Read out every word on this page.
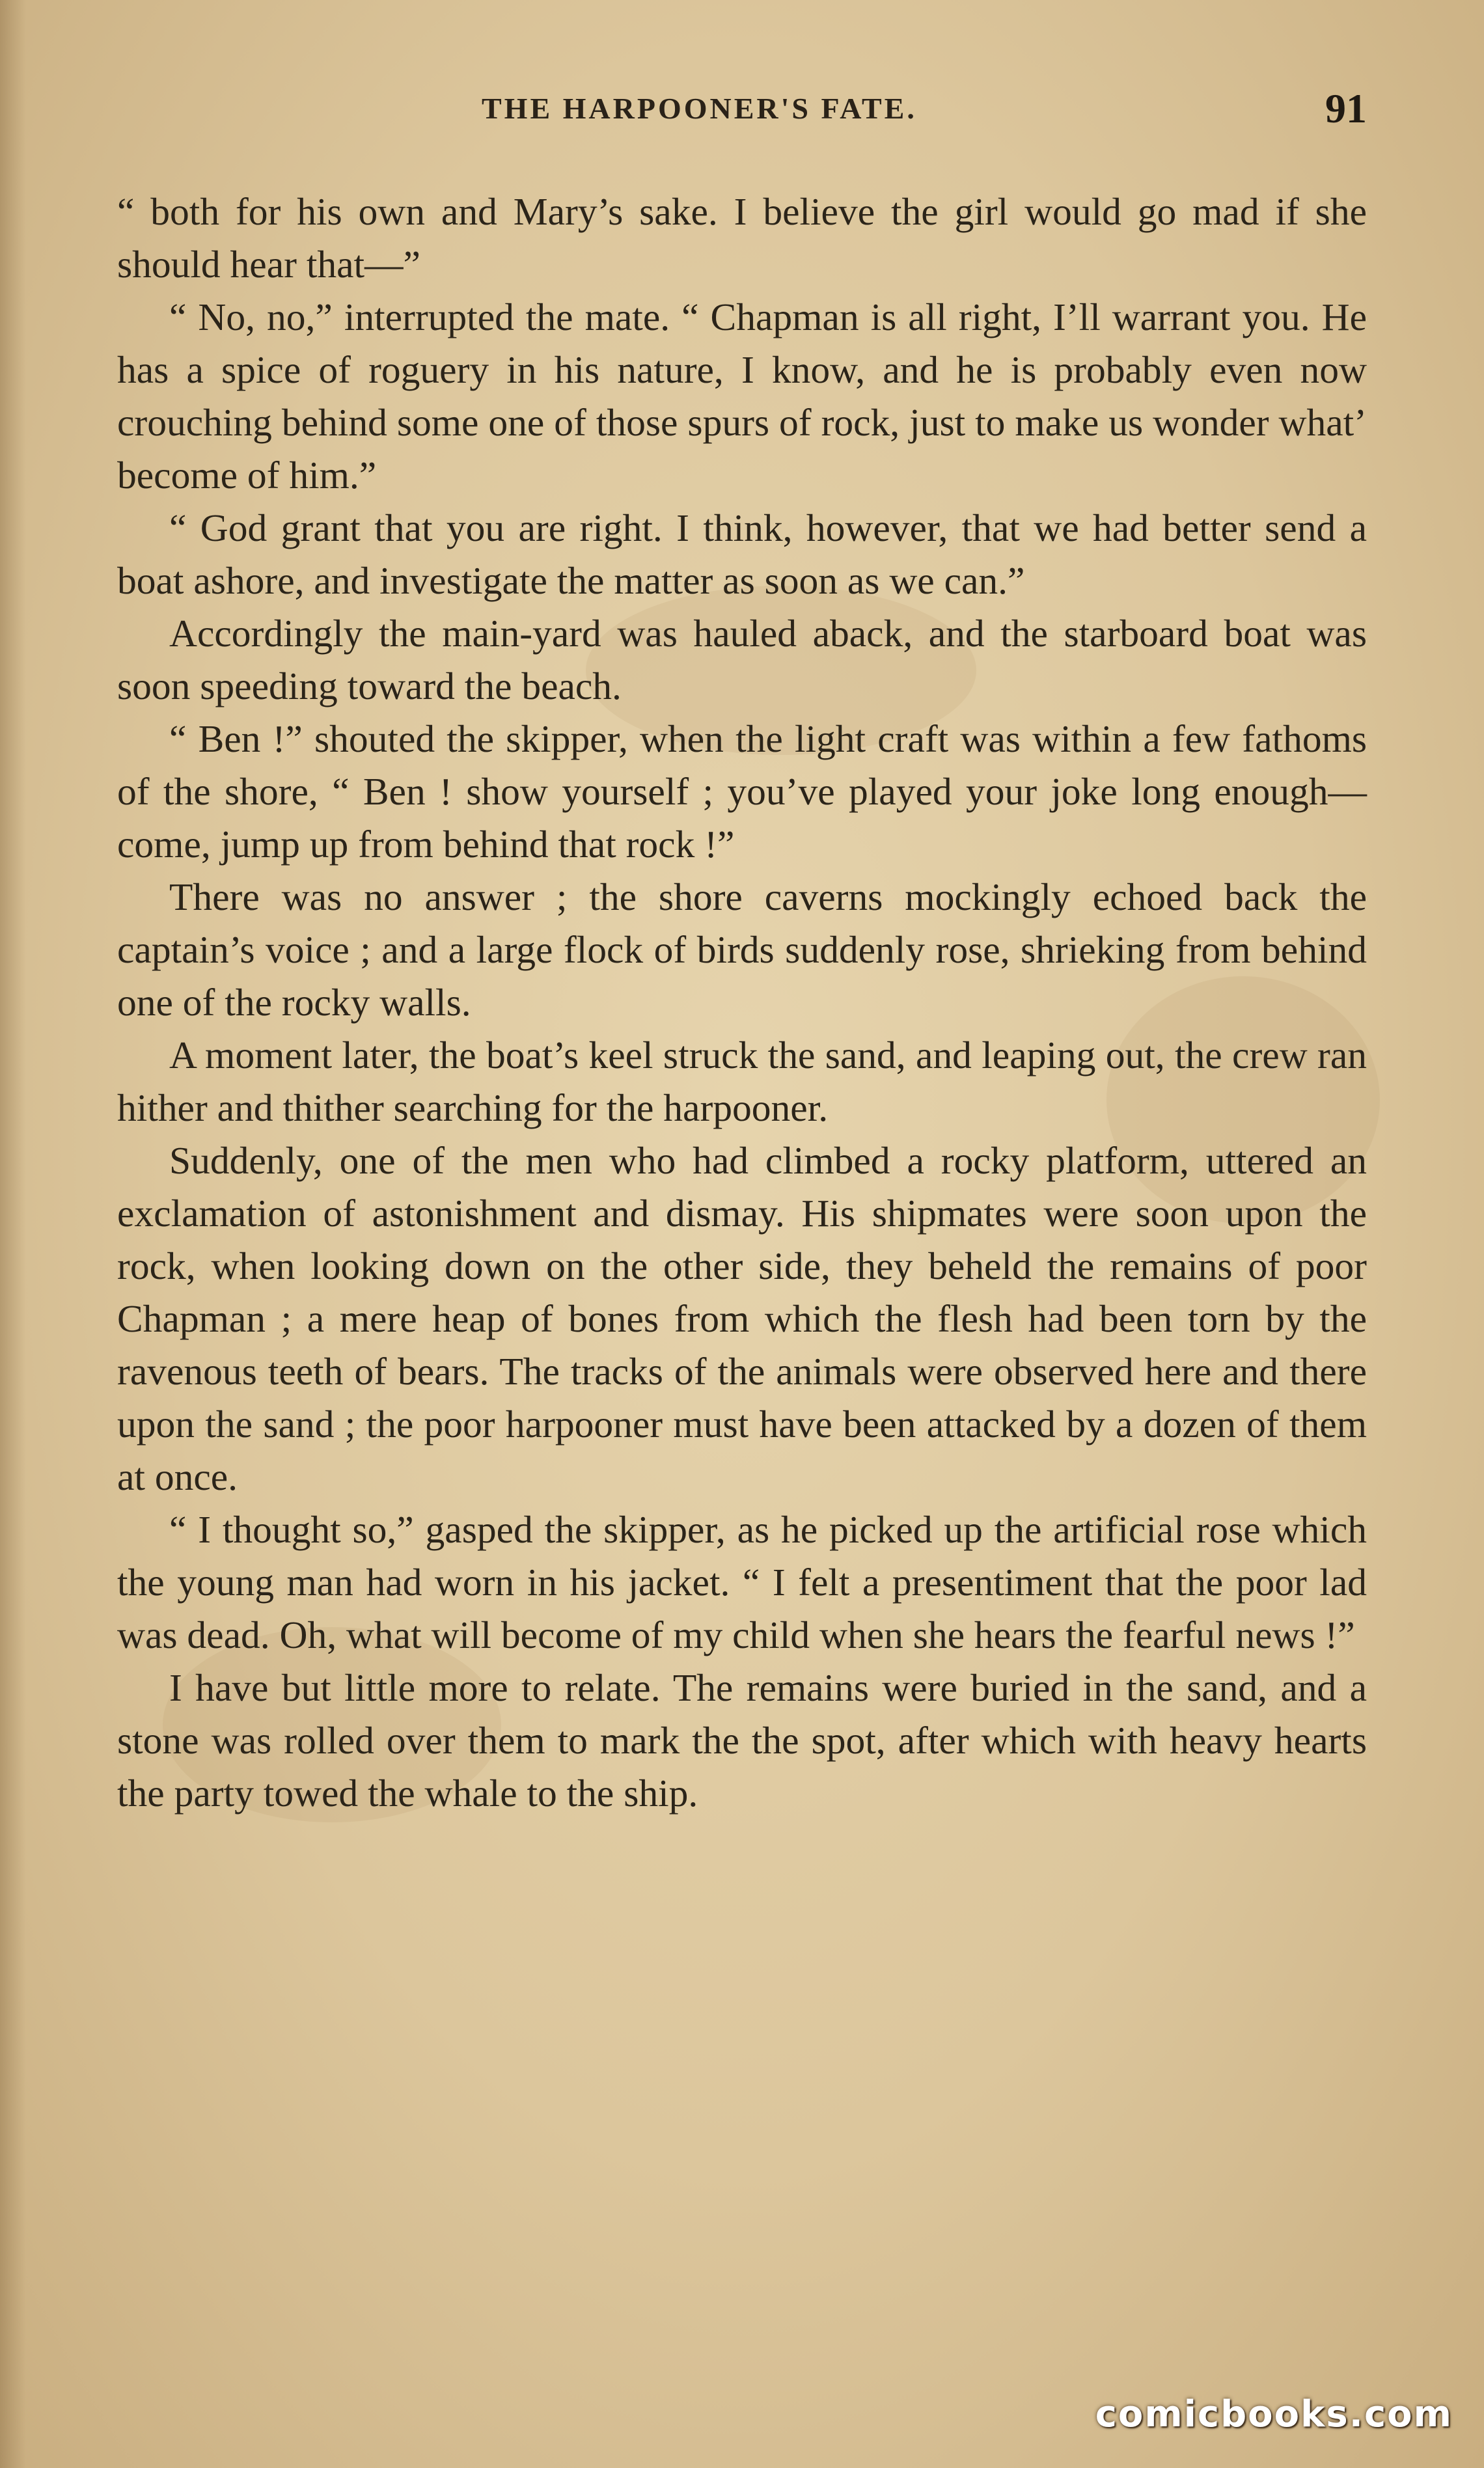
THE HARPOONER'S FATE.	91

“ both for his own and Mary’s sake. I believe the girl would go mad if she should hear that—”

“ No, no,” interrupted the mate. “ Chapman is all right, I’ll warrant you. He has a spice of roguery in his nature, I know, and he is probably even now crouching behind some one of those spurs of rock, just to make us wonder what’ become of him.”

“ God grant that you are right. I think, however, that we had better send a boat ashore, and investigate the matter as soon as we can.”

Accordingly the main-yard was hauled aback, and the starboard boat was soon speeding toward the beach.

“ Ben !” shouted the skipper, when the light craft was within a few fathoms of the shore, “ Ben ! show yourself ; you’ve played your joke long enough—come, jump up from behind that rock !”

There was no answer ; the shore caverns mockingly echoed back the captain’s voice ; and a large flock of birds suddenly rose, shrieking from behind one of the rocky walls.

A moment later, the boat’s keel struck the sand, and leaping out, the crew ran hither and thither searching for the harpooner.

Suddenly, one of the men who had climbed a rocky platform, uttered an exclamation of astonishment and dismay. His shipmates were soon upon the rock, when looking down on the other side, they beheld the remains of poor Chapman ; a mere heap of bones from which the flesh had been torn by the ravenous teeth of bears. The tracks of the animals were observed here and there upon the sand ; the poor harpooner must have been attacked by a dozen of them at once.

“ I thought so,” gasped the skipper, as he picked up the artificial rose which the young man had worn in his jacket. “ I felt a presentiment that the poor lad was dead. Oh, what will become of my child when she hears the fearful news !”

I have but little more to relate. The remains were buried in the sand, and a stone was rolled over them to mark the the spot, after which with heavy hearts the party towed the whale to the ship.

comicbooks.com
